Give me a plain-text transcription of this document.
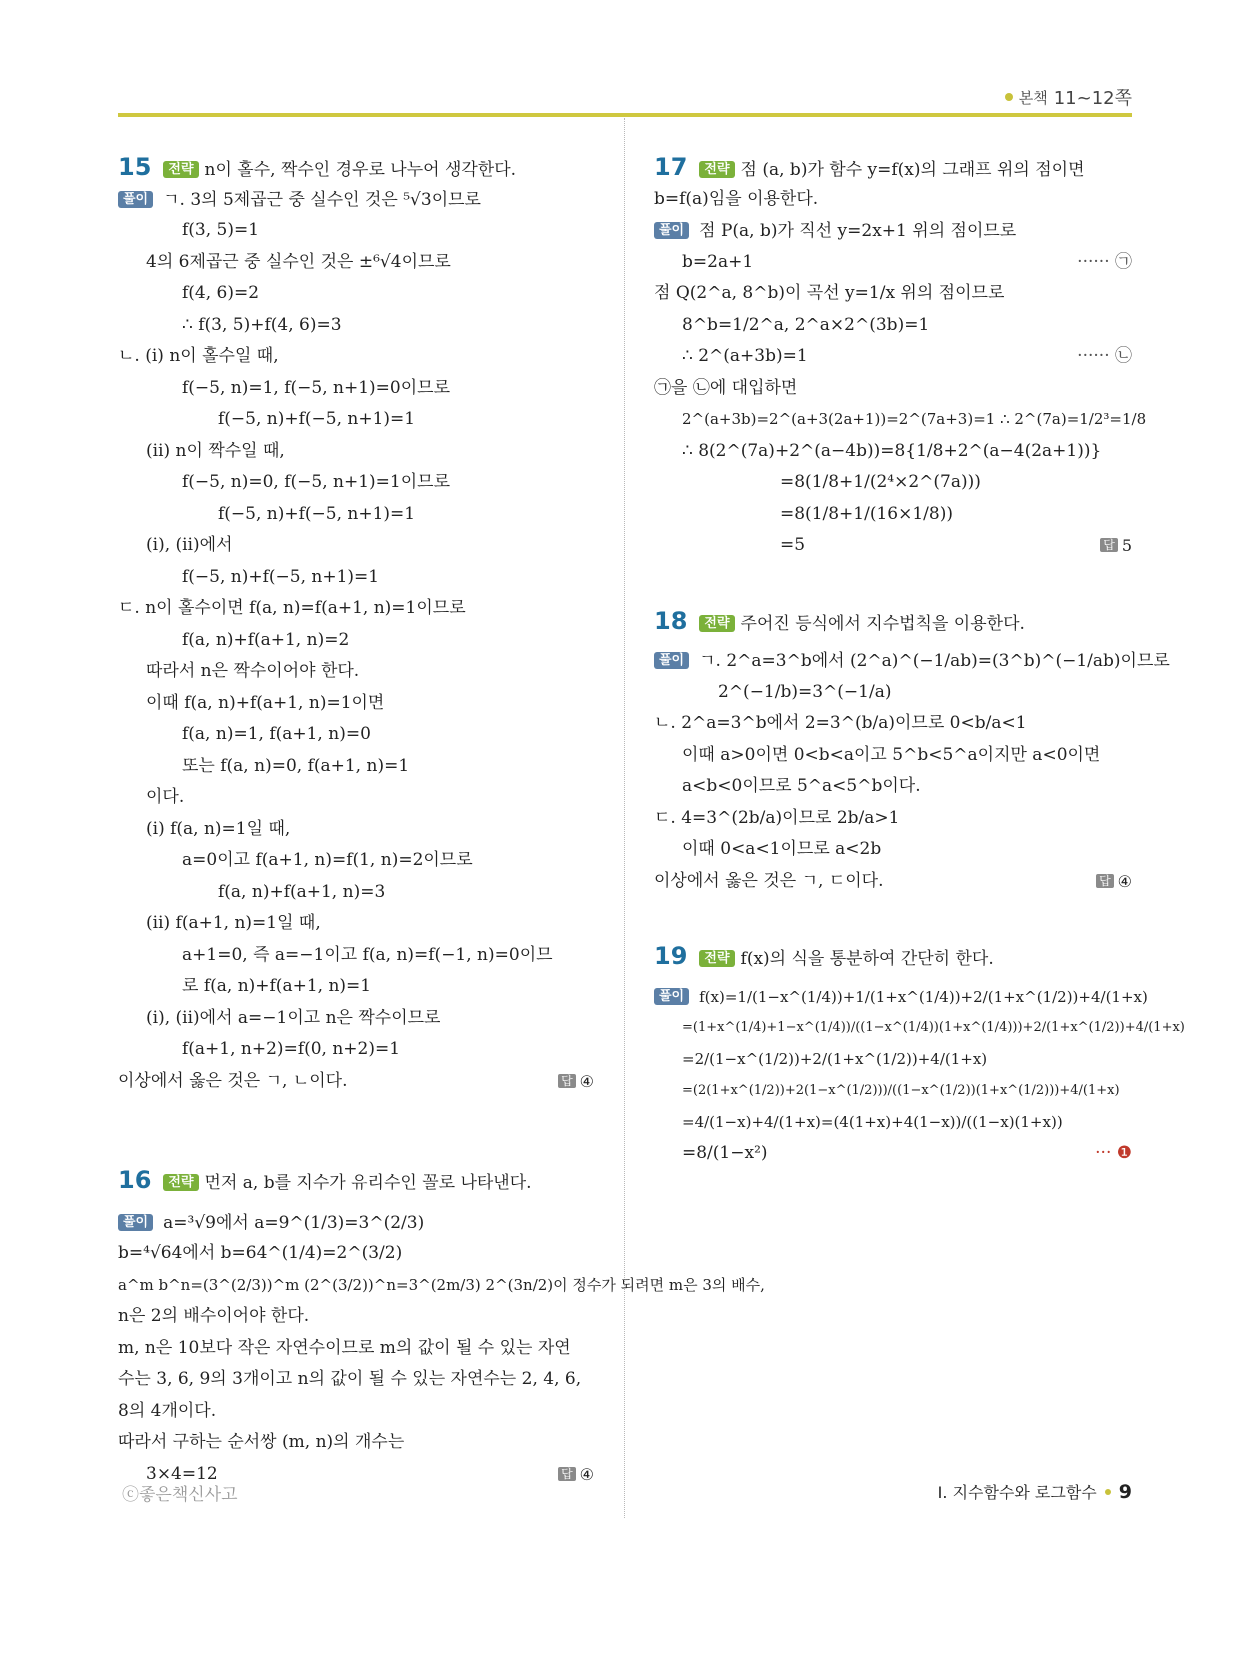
본책 11~12쪽
15 전략 n이 홀수, 짝수인 경우로 나누어 생각한다.
풀이 ㄱ. 3의 5제곱근 중 실수인 것은 ⁵√3이므로
f(3, 5)=1
4의 6제곱근 중 실수인 것은 ±⁶√4이므로
f(4, 6)=2
∴ f(3, 5)+f(4, 6)=3
ㄴ. (ⅰ) n이 홀수일 때,
f(−5, n)=1, f(−5, n+1)=0이므로
f(−5, n)+f(−5, n+1)=1
(ⅱ) n이 짝수일 때,
f(−5, n)=0, f(−5, n+1)=1이므로
f(−5, n)+f(−5, n+1)=1
(ⅰ), (ⅱ)에서
f(−5, n)+f(−5, n+1)=1
ㄷ. n이 홀수이면 f(a, n)=f(a+1, n)=1이므로
f(a, n)+f(a+1, n)=2
따라서 n은 짝수이어야 한다.
이때 f(a, n)+f(a+1, n)=1이면
f(a, n)=1, f(a+1, n)=0
또는 f(a, n)=0, f(a+1, n)=1
이다.
(ⅰ) f(a, n)=1일 때,
a=0이고 f(a+1, n)=f(1, n)=2이므로
f(a, n)+f(a+1, n)=3
(ⅱ) f(a+1, n)=1일 때,
a+1=0, 즉 a=−1이고 f(a, n)=f(−1, n)=0이므
로 f(a, n)+f(a+1, n)=1
(ⅰ), (ⅱ)에서 a=−1이고 n은 짝수이므로
f(a+1, n+2)=f(0, n+2)=1
이상에서 옳은 것은 ㄱ, ㄴ이다.	답 ④
16 전략 먼저 a, b를 지수가 유리수인 꼴로 나타낸다.
풀이 a=³√9에서 a=9^(1/3)=3^(2/3)
b=⁴√64에서 b=64^(1/4)=2^(3/2)
a^m b^n=(3^(2/3))^m (2^(3/2))^n=3^(2m/3) 2^(3n/2)이 정수가 되려면 m은 3의 배수,
n은 2의 배수이어야 한다.
m, n은 10보다 작은 자연수이므로 m의 값이 될 수 있는 자연
수는 3, 6, 9의 3개이고 n의 값이 될 수 있는 자연수는 2, 4, 6,
8의 4개이다.
따라서 구하는 순서쌍 (m, n)의 개수는
3×4=12	답 ④
17 전략 점 (a, b)가 함수 y=f(x)의 그래프 위의 점이면
b=f(a)임을 이용한다.
풀이 점 P(a, b)가 직선 y=2x+1 위의 점이므로
b=2a+1	······ ㉠
점 Q(2^a, 8^b)이 곡선 y=1/x 위의 점이므로
8^b=1/2^a, 2^a×2^(3b)=1
∴ 2^(a+3b)=1	······ ㉡
㉠을 ㉡에 대입하면
2^(a+3b)=2^(a+3(2a+1))=2^(7a+3)=1 ∴ 2^(7a)=1/2³=1/8
∴ 8(2^(7a)+2^(a−4b))=8{1/8+2^(a−4(2a+1))}
=8(1/8+1/(2⁴×2^(7a)))
=8(1/8+1/(16×1/8))
=5	답 5
18 전략 주어진 등식에서 지수법칙을 이용한다.
풀이 ㄱ. 2^a=3^b에서 (2^a)^(−1/ab)=(3^b)^(−1/ab)이므로
2^(−1/b)=3^(−1/a)
ㄴ. 2^a=3^b에서 2=3^(b/a)이므로 0<b/a<1
이때 a>0이면 0<b<a이고 5^b<5^a이지만 a<0이면
a<b<0이므로 5^a<5^b이다.
ㄷ. 4=3^(2b/a)이므로 2b/a>1
이때 0<a<1이므로 a<2b
이상에서 옳은 것은 ㄱ, ㄷ이다.	답 ④
19 전략 f(x)의 식을 통분하여 간단히 한다.
풀이 f(x)=1/(1−x^(1/4))+1/(1+x^(1/4))+2/(1+x^(1/2))+4/(1+x)
=(1+x^(1/4)+1−x^(1/4))/((1−x^(1/4))(1+x^(1/4)))+2/(1+x^(1/2))+4/(1+x)
=2/(1−x^(1/2))+2/(1+x^(1/2))+4/(1+x)
=(2(1+x^(1/2))+2(1−x^(1/2)))/((1−x^(1/2))(1+x^(1/2)))+4/(1+x)
=4/(1−x)+4/(1+x)=(4(1+x)+4(1−x))/((1−x)(1+x))
=8/(1−x²)	··· ❶
ⓒ좋은책신사고	Ⅰ. 지수함수와 로그함수 9
